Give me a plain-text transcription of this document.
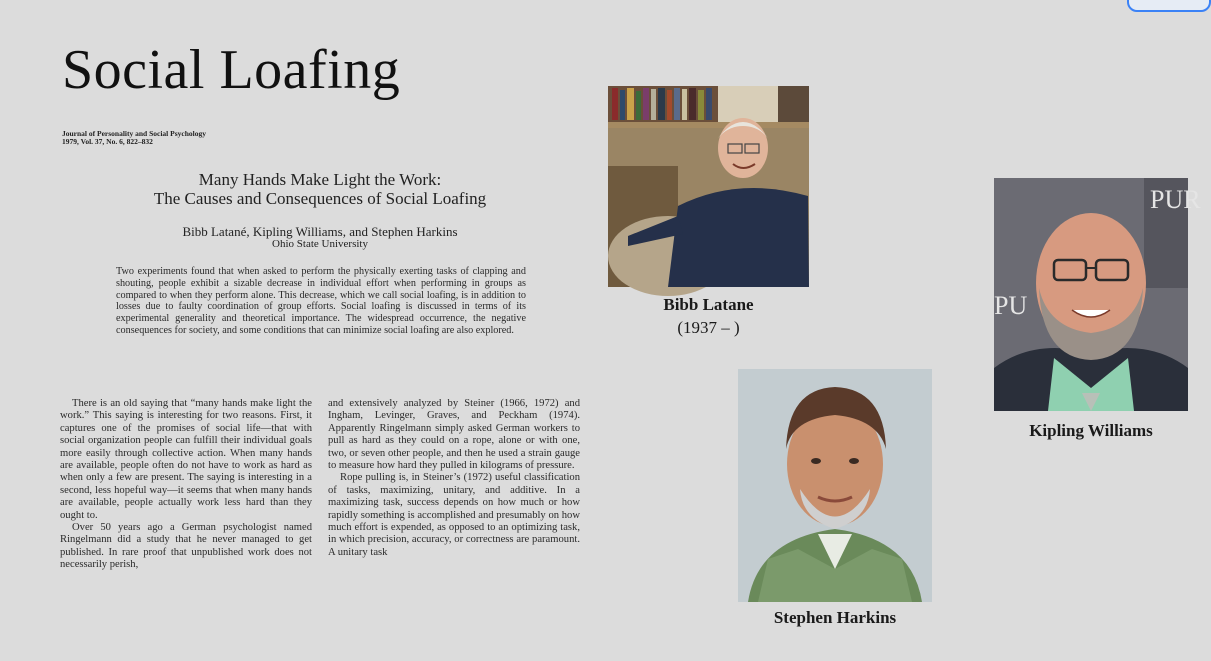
Social Loafing
Journal of Personality and Social Psychology
1979, Vol. 37, No. 6, 822–832
Many Hands Make Light the Work:
The Causes and Consequences of Social Loafing
Bibb Latané, Kipling Williams, and Stephen Harkins
Ohio State University
Two experiments found that when asked to perform the physically exerting tasks of clapping and shouting, people exhibit a sizable decrease in individual effort when performing in groups as compared to when they perform alone. This decrease, which we call social loafing, is in addition to losses due to faulty coordination of group efforts. Social loafing is discussed in terms of its experimental generality and theoretical importance. The widespread occurrence, the negative consequences for society, and some conditions that can minimize social loafing are also explored.

There is an old saying that “many hands make light the work.” This saying is interesting for two reasons. First, it captures one of the promises of social life—that with social organization people can fulfill their individual goals more easily through collective action. When many hands are available, people often do not have to work as hard as when only a few are present. The saying is interesting in a second, less hopeful way—it seems that when many hands are available, people actually work less hard than they ought to.

Over 50 years ago a German psychologist named Ringelmann did a study that he never managed to get published. In rare proof that unpublished work does not necessarily perish,

and extensively analyzed by Steiner (1966, 1972) and Ingham, Levinger, Graves, and Peckham (1974). Apparently Ringelmann simply asked German workers to pull as hard as they could on a rope, alone or with one, two, or seven other people, and then he used a strain gauge to measure how hard they pulled in kilograms of pressure.

Rope pulling is, in Steiner’s (1972) useful classification of tasks, maximizing, unitary, and additive. In a maximizing task, success depends on how much or how rapidly something is accomplished and presumably on how much effort is expended, as opposed to an optimizing task, in which precision, accuracy, or correctness are paramount. A unitary task

Bibb Latane
(1937 – )
Stephen Harkins
PUR
PU
Kipling Williams
